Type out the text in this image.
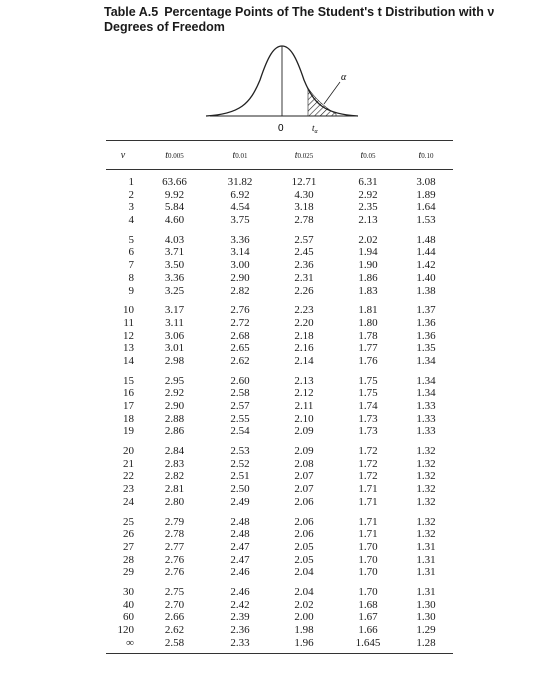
Table A.5 Percentage Points of The Student's t Distribution with ν Degrees of Freedom
α
0	$t_\alpha$
ν	t0.005	t0.01	t0.025	t0.05	t0.10
1	63.66	31.82	12.71	6.31	3.08
2	9.92	6.92	4.30	2.92	1.89
3	5.84	4.54	3.18	2.35	1.64
4	4.60	3.75	2.78	2.13	1.53
5	4.03	3.36	2.57	2.02	1.48
6	3.71	3.14	2.45	1.94	1.44
7	3.50	3.00	2.36	1.90	1.42
8	3.36	2.90	2.31	1.86	1.40
9	3.25	2.82	2.26	1.83	1.38
10	3.17	2.76	2.23	1.81	1.37
11	3.11	2.72	2.20	1.80	1.36
12	3.06	2.68	2.18	1.78	1.36
13	3.01	2.65	2.16	1.77	1.35
14	2.98	2.62	2.14	1.76	1.34
15	2.95	2.60	2.13	1.75	1.34
16	2.92	2.58	2.12	1.75	1.34
17	2.90	2.57	2.11	1.74	1.33
18	2.88	2.55	2.10	1.73	1.33
19	2.86	2.54	2.09	1.73	1.33
20	2.84	2.53	2.09	1.72	1.32
21	2.83	2.52	2.08	1.72	1.32
22	2.82	2.51	2.07	1.72	1.32
23	2.81	2.50	2.07	1.71	1.32
24	2.80	2.49	2.06	1.71	1.32
25	2.79	2.48	2.06	1.71	1.32
26	2.78	2.48	2.06	1.71	1.32
27	2.77	2.47	2.05	1.70	1.31
28	2.76	2.47	2.05	1.70	1.31
29	2.76	2.46	2.04	1.70	1.31
30	2.75	2.46	2.04	1.70	1.31
40	2.70	2.42	2.02	1.68	1.30
60	2.66	2.39	2.00	1.67	1.30
120	2.62	2.36	1.98	1.66	1.29
∞	2.58	2.33	1.96	1.645	1.28
